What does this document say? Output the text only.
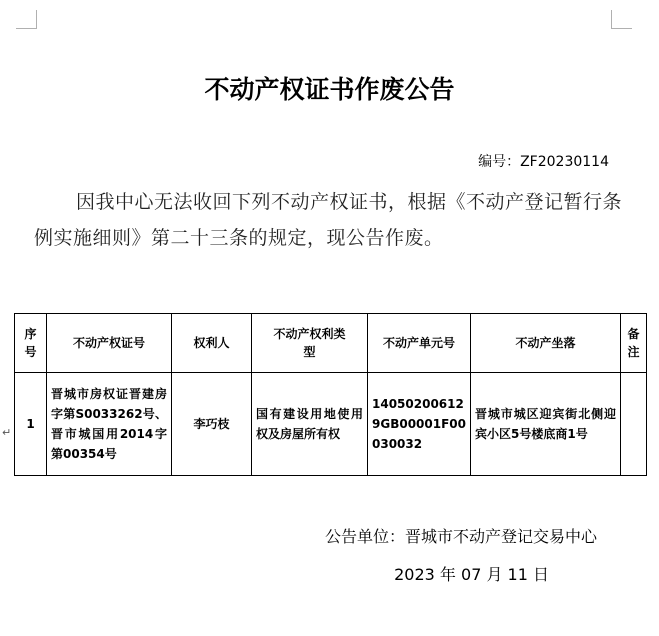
↵
不动产权证书作废公告
编号：ZF20230114
因我中心无法收回下列不动产权证书，根据《不动产登记暂行条例实施细则》第二十三条的规定，现公告作废。
序号	不动产权证号	权利人	不动产权利类型	不动产单元号	不动产坐落	备注
1	晋城市房权证晋建房字第S0033262号、晋市城国用2014字第00354号	李巧枝	国有建设用地使用权及房屋所有权	140502006129GB00001F00030032	晋城市城区迎宾街北侧迎宾小区5号楼底商1号	
公告单位：晋城市不动产登记交易中心
2023 年 07 月 11 日
